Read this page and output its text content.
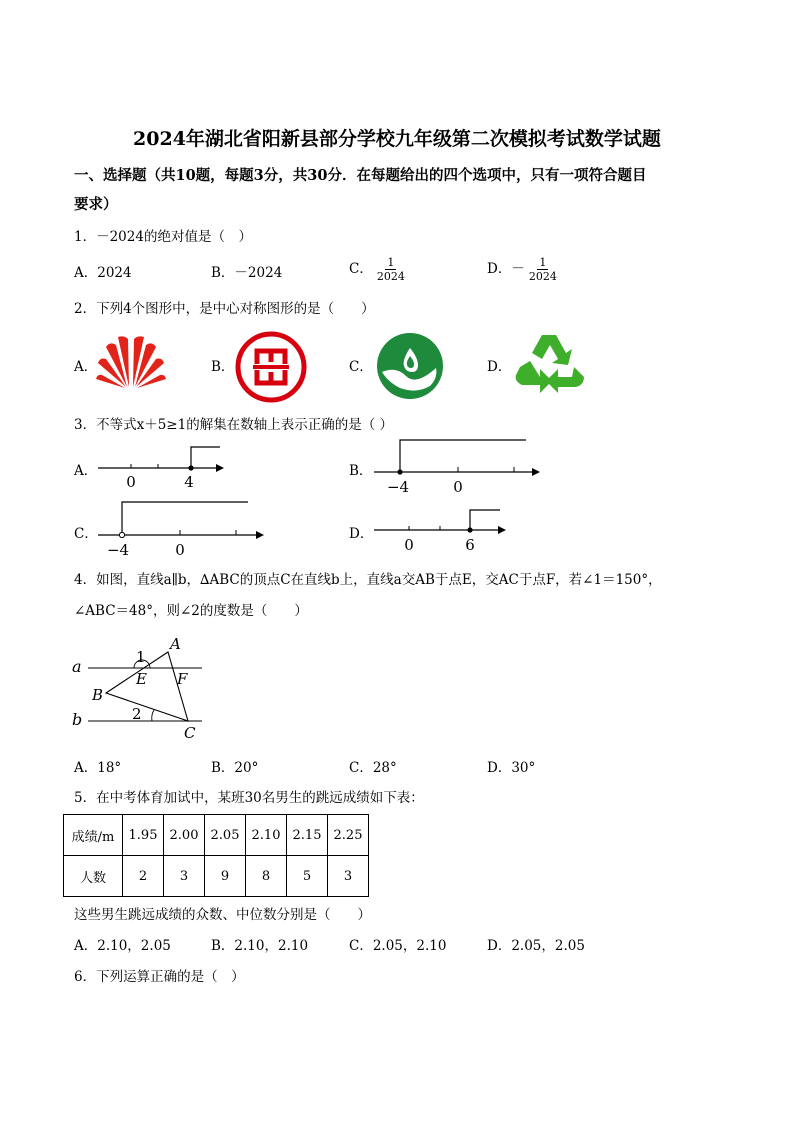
2024年湖北省阳新县部分学校九年级第二次模拟考试数学试题
一、选择题（共10题，每题3分，共30分．在每题给出的四个选项中，只有一项符合题目
要求）
1．－2024的绝对值是（　）
A．2024	B．－2024	C． $\frac{1}{2024}$	D．－ $\frac{1}{2024}$
2．下列4个图形中，是中心对称图形的是（　　）
A．	B．	C．	D．
3．不等式x＋5≥1的解集在数轴上表示正确的是（ ）
A．
0	4
B．
−4	0
C．
−4	0
D．
0	6
4．如图，直线a∥b，∆ABC的顶点C在直线b上，直线a交AB于点E，交AC于点F，若∠1＝150°，
∠ABC＝48°，则∠2的度数是（　　）
a
b
A
B
C
E F
1
2
A．18°	B．20°	C．28°	D．30°
5．在中考体育加试中，某班30名男生的跳远成绩如下表：
成绩/m	1.95	2.00	2.05	2.10	2.15	2.25
人数	2	3	9	8	5	3
这些男生跳远成绩的众数、中位数分别是（　　）
A．2.10，2.05	B．2.10，2.10	C．2.05，2.10	D．2.05，2.05
6．下列运算正确的是（　）
